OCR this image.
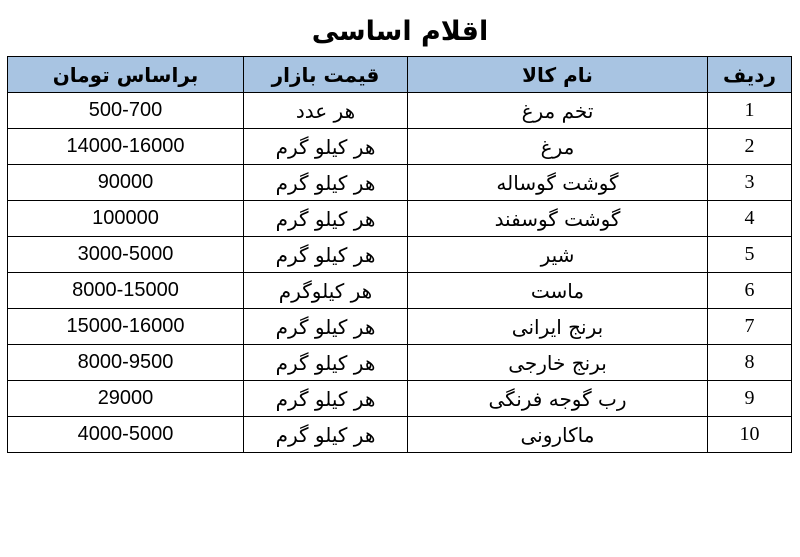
اقلام اساسی
ردیف	نام کالا	قیمت بازار	براساس تومان
1	تخم مرغ	هر عدد	500-700
2	مرغ	هر کیلو گرم	14000-16000
3	گوشت گوساله	هر کیلو گرم	90000
4	گوشت گوسفند	هر کیلو گرم	100000
5	شیر	هر کیلو گرم	3000-5000
6	ماست	هر کیلوگرم	8000-15000
7	برنج ایرانی	هر کیلو گرم	15000-16000
8	برنج خارجی	هر کیلو گرم	8000-9500
9	رب گوجه فرنگی	هر کیلو گرم	29000
10	ماکارونی	هر کیلو گرم	4000-5000
